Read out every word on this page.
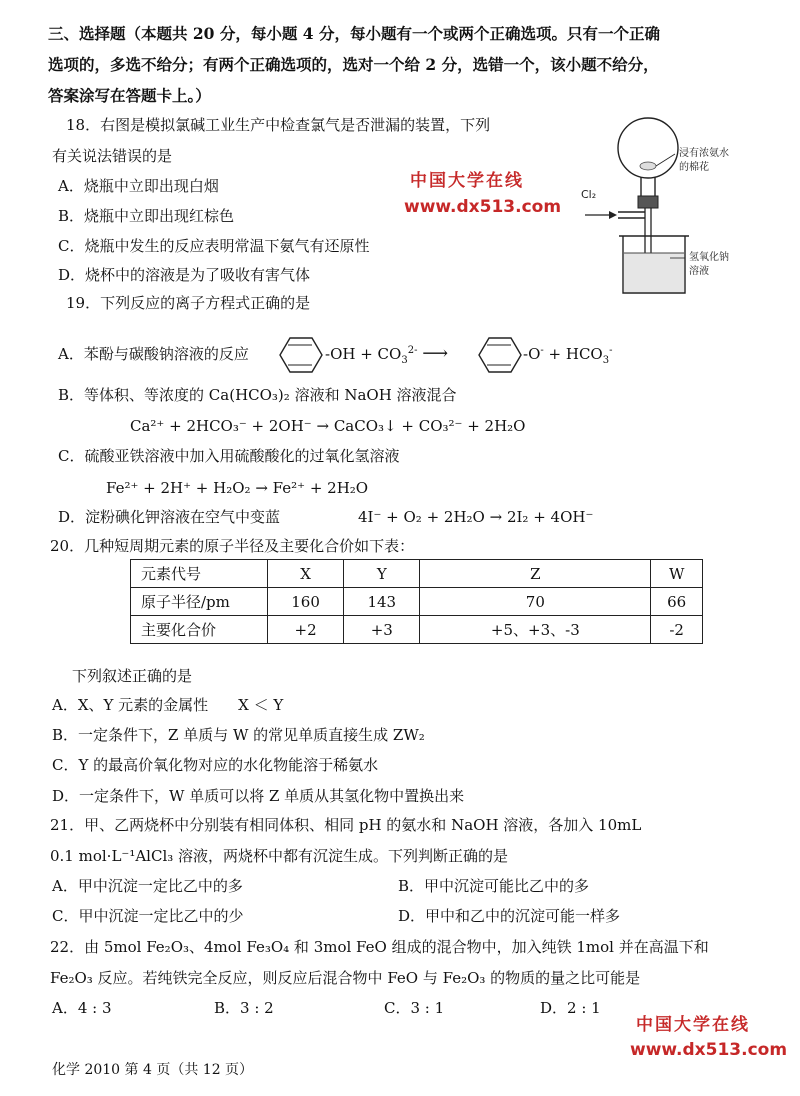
三、选择题（本题共 20 分，每小题 4 分，每小题有一个或两个正确选项。只有一个正确
选项的，多选不给分；有两个正确选项的，选对一个给 2 分，选错一个，该小题不给分，
答案涂写在答题卡上。）
18．右图是模拟氯碱工业生产中检查氯气是否泄漏的装置，下列
有关说法错误的是
A．烧瓶中立即出现白烟
B．烧瓶中立即出现红棕色
C．烧瓶中发生的反应表明常温下氨气有还原性
D．烧杯中的溶液是为了吸收有害气体
中国大学在线
www.dx513.com
浸有浓氨水
的棉花
Cl₂
氢氧化钠
溶液
19．下列反应的离子方程式正确的是
A．苯酚与碳酸钠溶液的反应	$-OH + CO_3^{2-}$ ⟶	$-O^- + HCO_3^-$
B．等体积、等浓度的 Ca(HCO₃)₂ 溶液和 NaOH 溶液混合
Ca²⁺ + 2HCO₃⁻ + 2OH⁻ → CaCO₃↓ + CO₃²⁻ + 2H₂O
C．硫酸亚铁溶液中加入用硫酸酸化的过氧化氢溶液
Fe²⁺ + 2H⁺ + H₂O₂ → Fe²⁺ + 2H₂O
D．淀粉碘化钾溶液在空气中变蓝	4I⁻ + O₂ + 2H₂O → 2I₂ + 4OH⁻
20．几种短周期元素的原子半径及主要化合价如下表：
元素代号	X	Y	Z	W
原子半径/pm	160	143	70	66
主要化合价	+2	+3	+5、+3、-3	-2
下列叙述正确的是
A．X、Y 元素的金属性　　X ＜ Y
B．一定条件下，Z 单质与 W 的常见单质直接生成 ZW₂
C．Y 的最高价氧化物对应的水化物能溶于稀氨水
D．一定条件下，W 单质可以将 Z 单质从其氢化物中置换出来
21．甲、乙两烧杯中分别装有相同体积、相同 pH 的氨水和 NaOH 溶液，各加入 10mL
0.1 mol·L⁻¹AlCl₃ 溶液，两烧杯中都有沉淀生成。下列判断正确的是
A．甲中沉淀一定比乙中的多	B．甲中沉淀可能比乙中的多
C．甲中沉淀一定比乙中的少	D．甲中和乙中的沉淀可能一样多
22．由 5mol Fe₂O₃、4mol Fe₃O₄ 和 3mol FeO 组成的混合物中，加入纯铁 1mol 并在高温下和
Fe₂O₃ 反应。若纯铁完全反应，则反应后混合物中 FeO 与 Fe₂O₃ 的物质的量之比可能是
A．4 : 3	B．3 : 2	C．3 : 1	D．2 : 1
中国大学在线
www.dx513.com
化学 2010 第 4 页（共 12 页）
